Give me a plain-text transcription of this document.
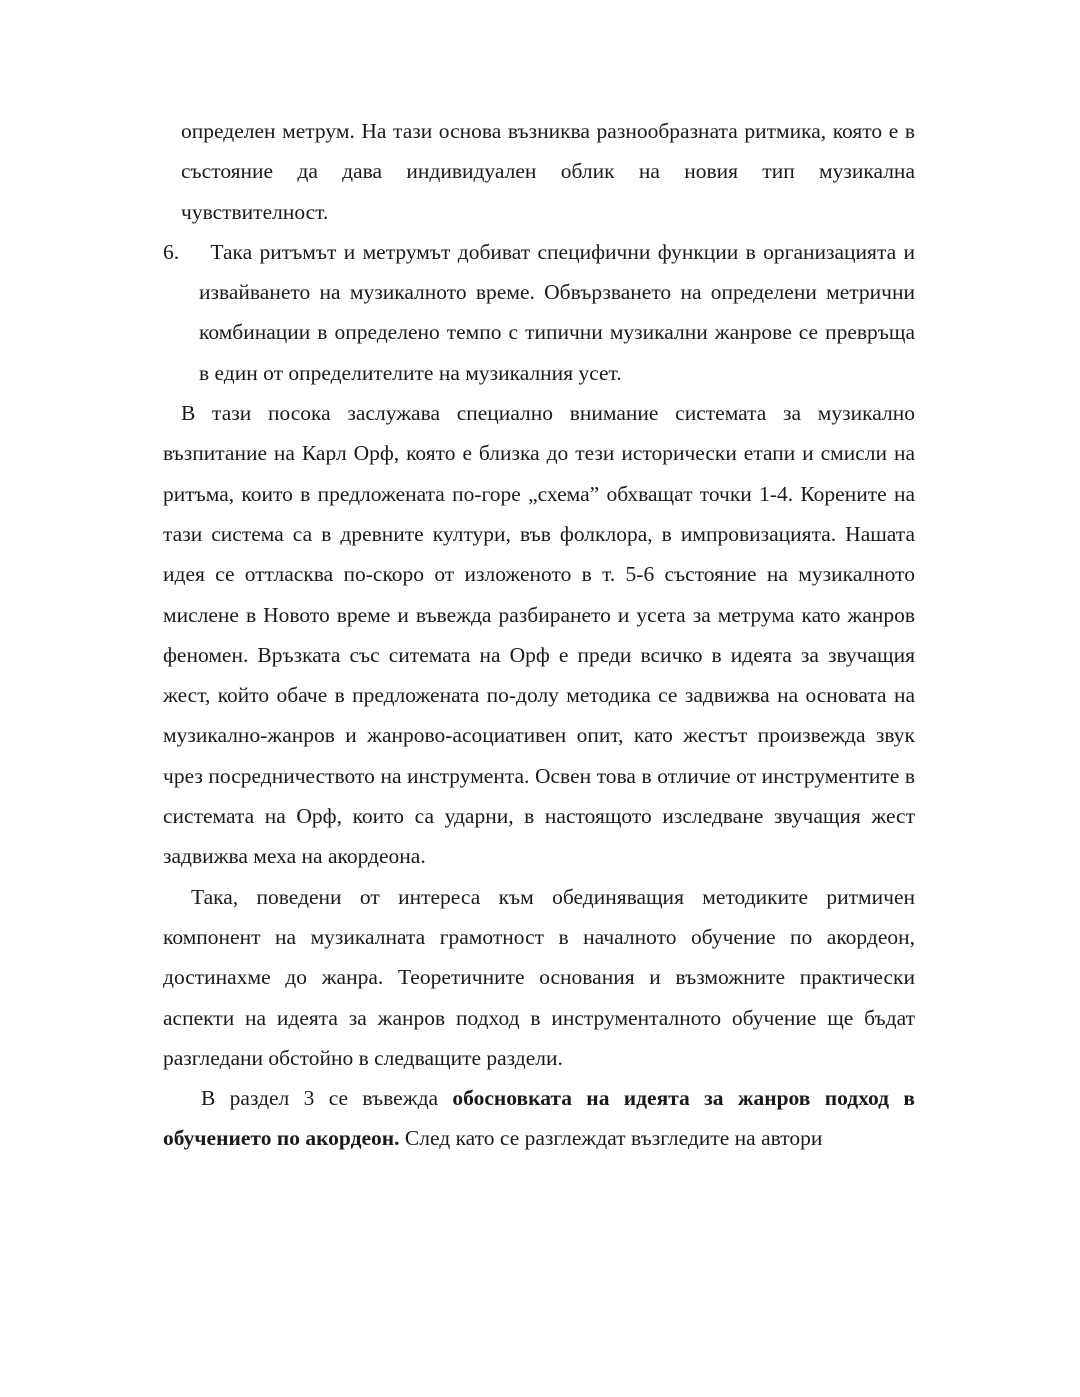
определен метрум. На тази основа възниква разнообразната ритмика, която е в състояние да дава индивидуален облик на новия тип музикална чувствителност.

6. Така ритъмът и метрумът добиват специфични функции в организацията и извайването на музикалното време. Обвързването на определени метрични комбинации в определено темпо с типични музикални жанрове се превръща в един от определителите на музикалния усет.

В тази посока заслужава специално внимание системата за музикално възпитание на Карл Орф, която е близка до тези исторически етапи и смисли на ритъма, които в предложената по-горе „схема” обхващат точки 1-4. Корените на тази система са в древните култури, във фолклора, в импровизацията. Нашата идея се оттласква по-скоро от изложеното в т. 5-6 състояние на музикалното мислене в Новото време и въвежда разбирането и усета за метрума като жанров феномен. Връзката със ситемата на Орф е преди всичко в идеята за звучащия жест, който обаче в предложената по-долу методика се задвижва на основата на музикално-жанров и жанрово-асоциативен опит, като жестът произвежда звук чрез посредничеството на инструмента. Освен това в отличие от инструментите в системата на Орф, които са ударни, в настоящото изследване звучащия жест задвижва меха на акордеона.

Така, поведени от интереса към обединяващия методиките ритмичен компонент на музикалната грамотност в началното обучение по акордеон, достинахме до жанра. Теоретичните основания и възможните практически аспекти на идеята за жанров подход в инструменталното обучение ще бъдат разгледани обстойно в следващите раздели.

В раздел 3 се въвежда обосновката на идеята за жанров подход в обучението по акордеон. След като се разглеждат възгледите на автори
